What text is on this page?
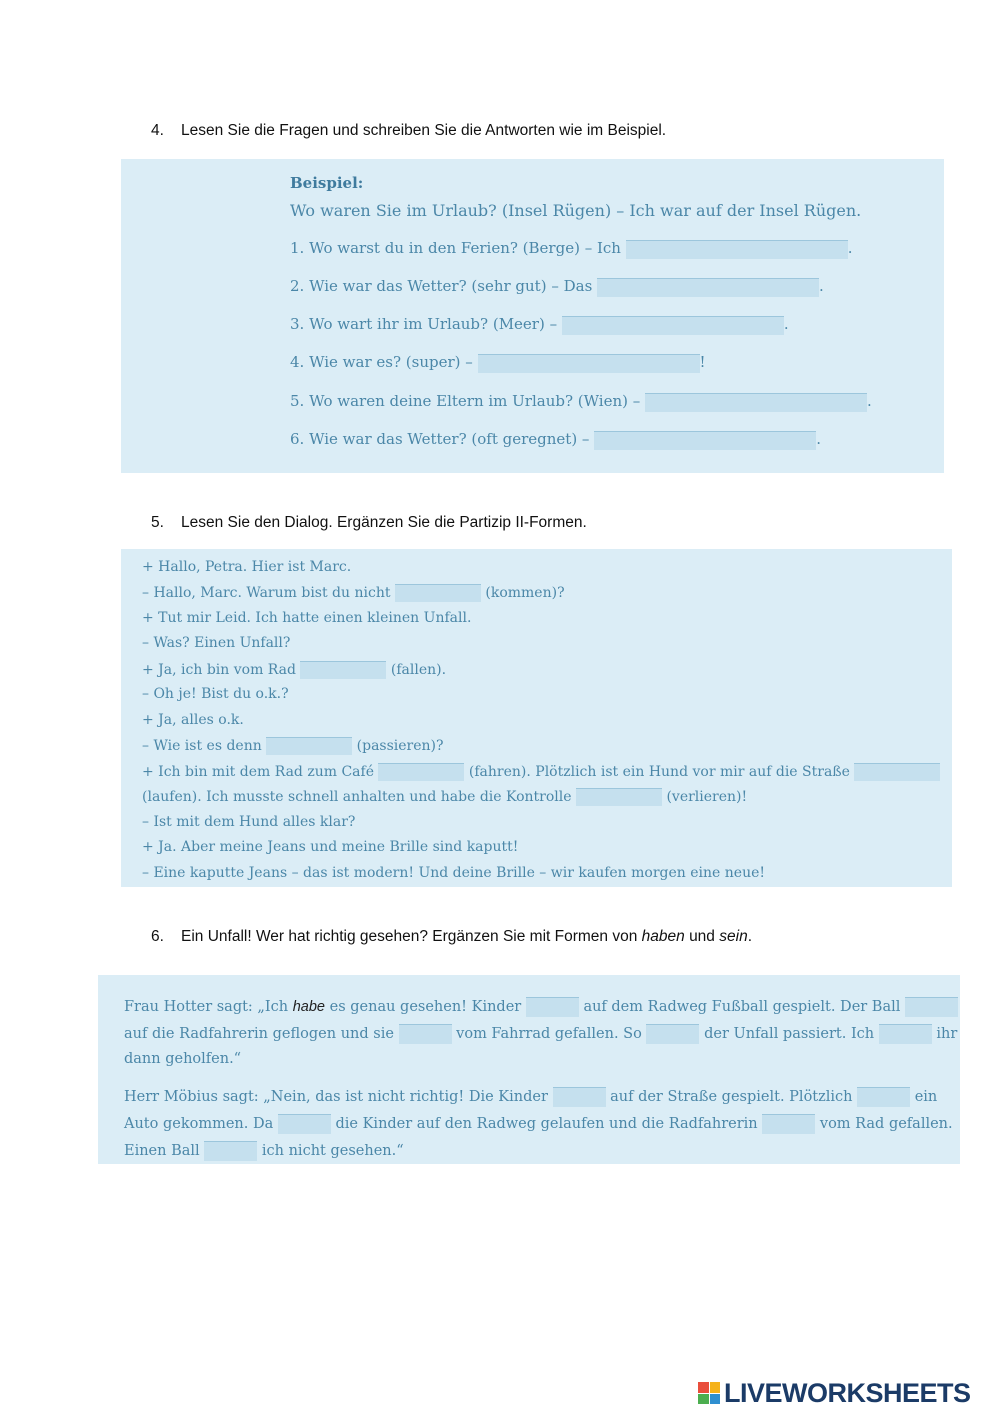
4. Lesen Sie die Fragen und schreiben Sie die Antworten wie im Beispiel.
Beispiel:
Wo waren Sie im Urlaub? (Insel Rügen) – Ich war auf der Insel Rügen.
1. Wo warst du in den Ferien? (Berge) – Ich	.
2. Wie war das Wetter? (sehr gut) – Das	.
3. Wo wart ihr im Urlaub? (Meer) –	.
4. Wie war es? (super) –	!
5. Wo waren deine Eltern im Urlaub? (Wien) –	.
6. Wie war das Wetter? (oft geregnet) –	.
5. Lesen Sie den Dialog. Ergänzen Sie die Partizip II-Formen.
+ Hallo, Petra. Hier ist Marc.
– Hallo, Marc. Warum bist du nicht	(kommen)?
+ Tut mir Leid. Ich hatte einen kleinen Unfall.
– Was? Einen Unfall?
+ Ja, ich bin vom Rad	(fallen).
– Oh je! Bist du o.k.?
+ Ja, alles o.k.
– Wie ist es denn	(passieren)?
+ Ich bin mit dem Rad zum Café	(fahren). Plötzlich ist ein Hund vor mir auf die Straße
(laufen). Ich musste schnell anhalten und habe die Kontrolle	(verlieren)!
– Ist mit dem Hund alles klar?
+ Ja. Aber meine Jeans und meine Brille sind kaputt!
– Eine kaputte Jeans – das ist modern! Und deine Brille – wir kaufen morgen eine neue!
6. Ein Unfall! Wer hat richtig gesehen? Ergänzen Sie mit Formen von haben und sein.
Frau Hotter sagt: „Ich habe es genau gesehen! Kinder	auf dem Radweg Fußball gespielt. Der Ball
auf die Radfahrerin geflogen und sie	vom Fahrrad gefallen. So	der Unfall passiert. Ich	ihr
dann geholfen.“
Herr Möbius sagt: „Nein, das ist nicht richtig! Die Kinder	auf der Straße gespielt. Plötzlich	ein
Auto gekommen. Da	die Kinder auf den Radweg gelaufen und die Radfahrerin	vom Rad gefallen.
Einen Ball	ich nicht gesehen.“
LIVEWORKSHEETS
